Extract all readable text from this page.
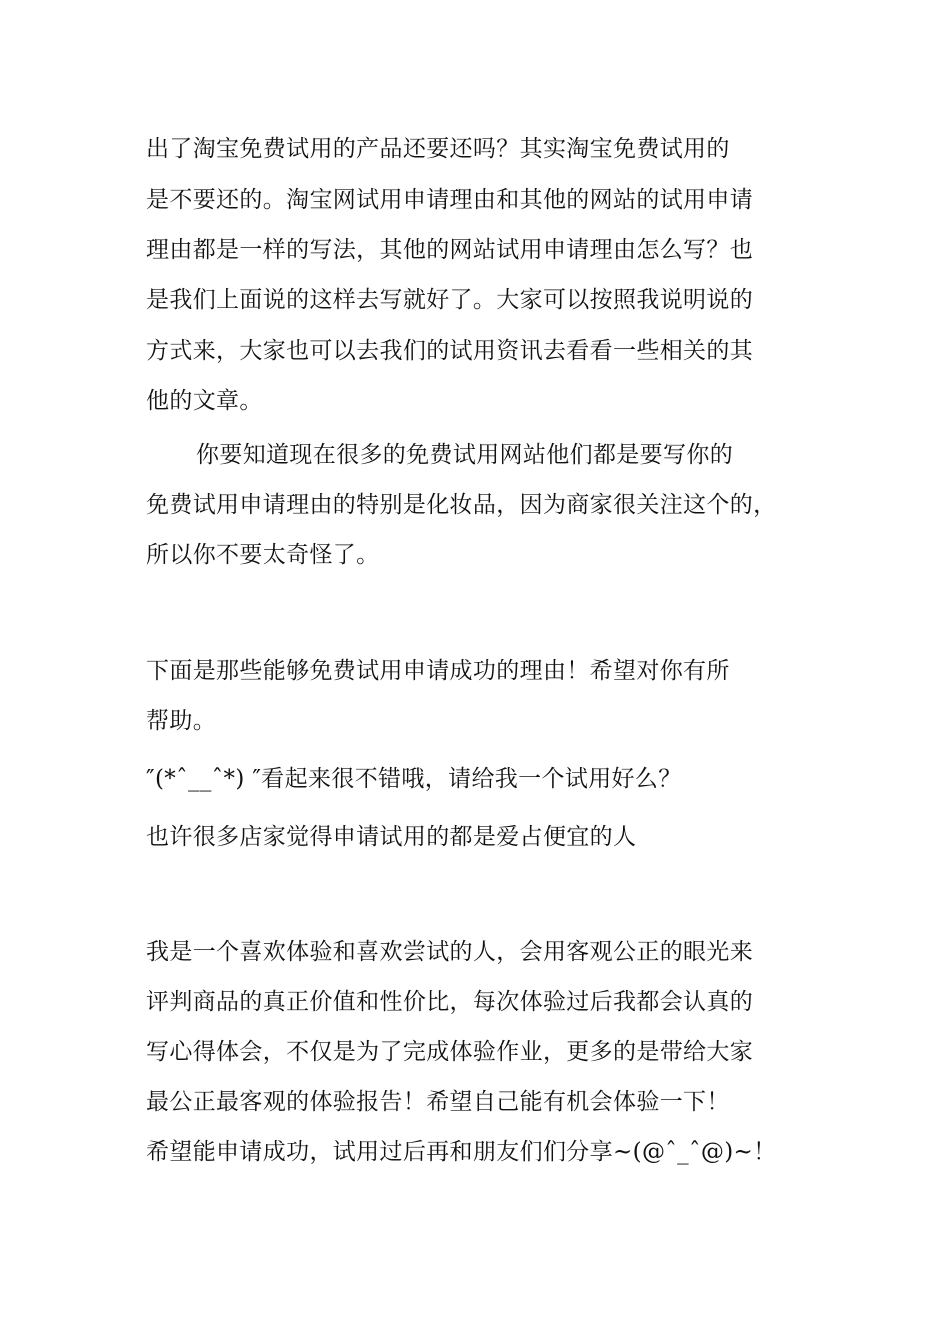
出了淘宝免费试用的产品还要还吗？其实淘宝免费试用的

是不要还的。淘宝网试用申请理由和其他的网站的试用申请

理由都是一样的写法，其他的网站试用申请理由怎么写？也

是我们上面说的这样去写就好了。大家可以按照我说明说的

方式来，大家也可以去我们的试用资讯去看看一些相关的其

他的文章。

你要知道现在很多的免费试用网站他们都是要写你的

免费试用申请理由的特别是化妆品，因为商家很关注这个的，

所以你不要太奇怪了。

下面是那些能够免费试用申请成功的理由！希望对你有所

帮助。

″(*ˆ__ˆ*) ″看起来很不错哦，请给我一个试用好么？

也许很多店家觉得申请试用的都是爱占便宜的人

我是一个喜欢体验和喜欢尝试的人，会用客观公正的眼光来

评判商品的真正价值和性价比，每次体验过后我都会认真的

写心得体会，不仅是为了完成体验作业，更多的是带给大家

最公正最客观的体验报告！希望自己能有机会体验一下！

希望能申请成功，试用过后再和朋友们们分享~(@ˆ_ˆ@)~！
